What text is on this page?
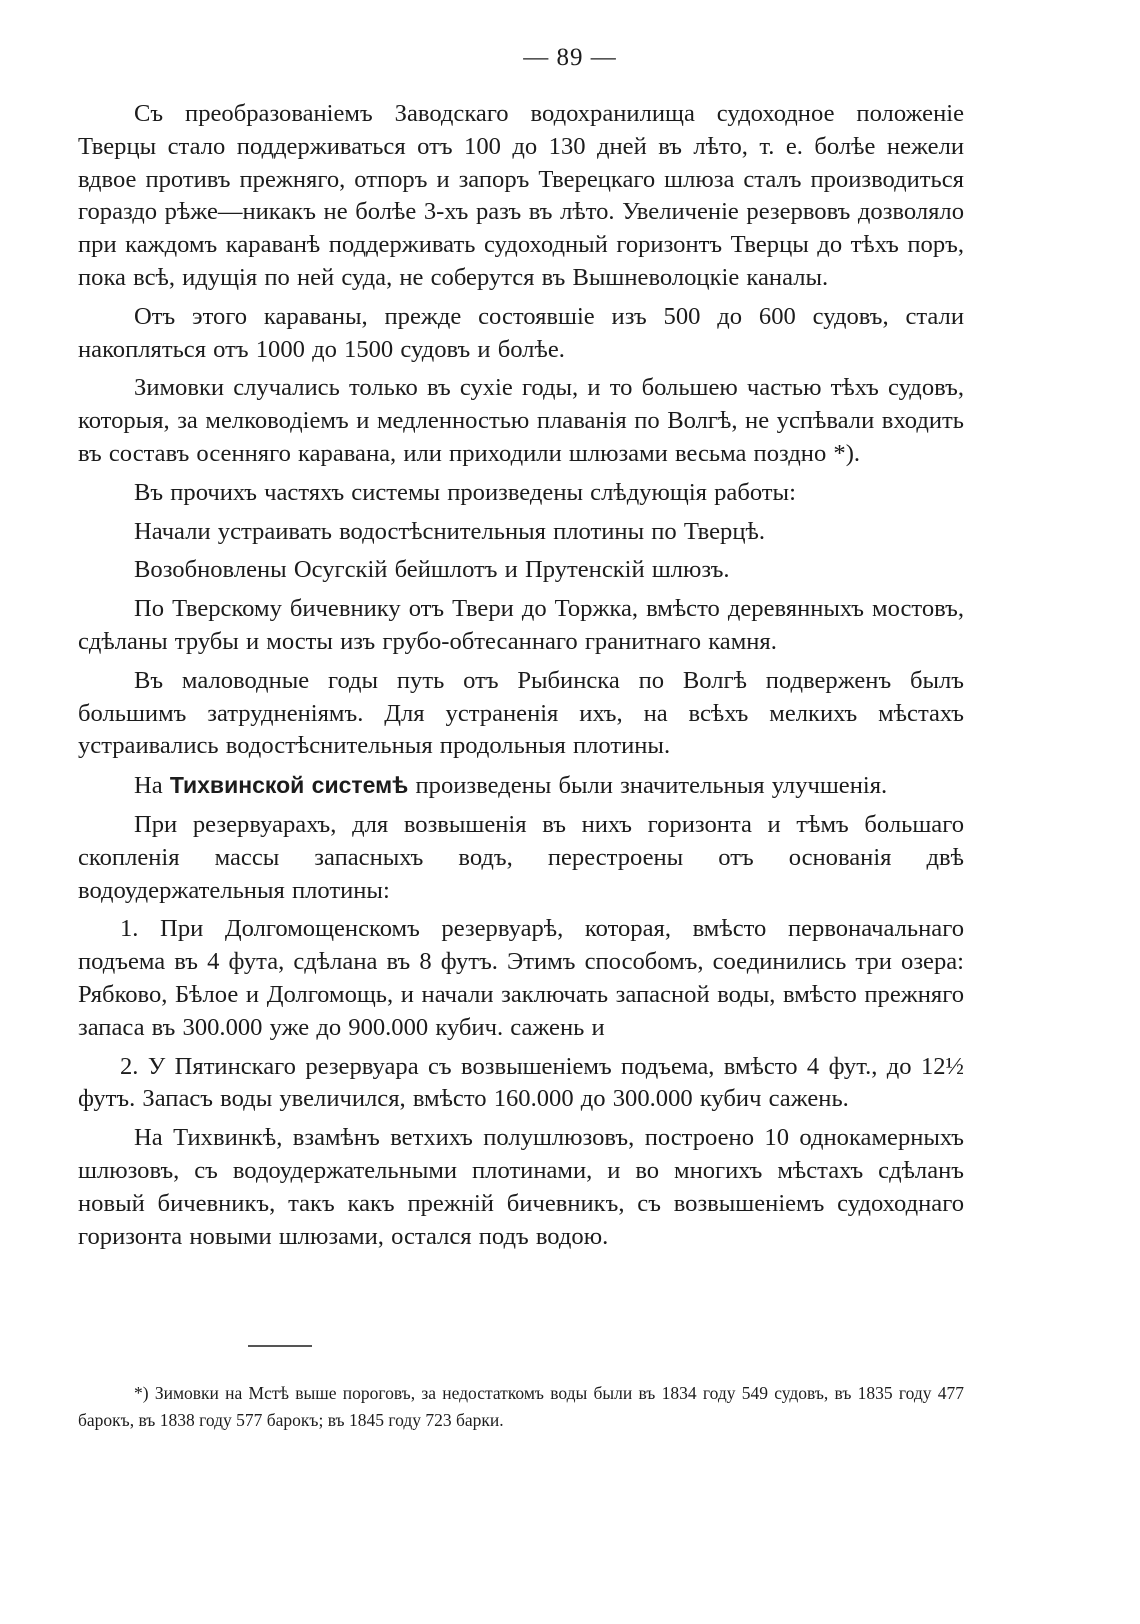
— 89 —

Съ преобразованіемъ Заводскаго водохранилища судоходное положеніе Тверцы стало поддерживаться отъ 100 до 130 дней въ лѣто, т. е. болѣе нежели вдвое противъ прежняго, отпоръ и запоръ Тверецкаго шлюза сталъ производиться гораздо рѣже—никакъ не болѣе 3-хъ разъ въ лѣто. Увеличеніе резервовъ дозволяло при каждомъ караванѣ поддерживать судоходный горизонтъ Тверцы до тѣхъ поръ, пока всѣ, идущія по ней суда, не соберутся въ Вышневолоцкіе каналы.

Отъ этого караваны, прежде состоявшіе изъ 500 до 600 судовъ, стали накопляться отъ 1000 до 1500 судовъ и болѣе.

Зимовки случались только въ сухіе годы, и то большею частью тѣхъ судовъ, которыя, за мелководіемъ и медленностью плаванія по Волгѣ, не успѣвали входить въ составъ осенняго каравана, или приходили шлюзами весьма поздно *).

Въ прочихъ частяхъ системы произведены слѣдующія работы:

Начали устраивать водостѣснительныя плотины по Тверцѣ.

Возобновлены Осугскій бейшлотъ и Прутенскій шлюзъ.

По Тверскому бичевнику отъ Твери до Торжка, вмѣсто деревянныхъ мостовъ, сдѣланы трубы и мосты изъ грубо-обтесаннаго гранитнаго камня.

Въ маловодные годы путь отъ Рыбинска по Волгѣ подверженъ былъ большимъ затрудненіямъ. Для устраненія ихъ, на всѣхъ мелкихъ мѣстахъ устраивались водостѣснительныя продольныя плотины.

На Тихвинской системѣ произведены были значительныя улучшенія.

При резервуарахъ, для возвышенія въ нихъ горизонта и тѣмъ большаго скопленія массы запасныхъ водъ, перестроены отъ основанія двѣ водоудержательныя плотины:

1. При Долгомощенскомъ резервуарѣ, которая, вмѣсто первоначальнаго подъема въ 4 фута, сдѣлана въ 8 футъ. Этимъ способомъ, соединились три озера: Рябково, Бѣлое и Долгомощь, и начали заключать запасной воды, вмѣсто прежняго запаса въ 300.000 уже до 900.000 кубич. сажень и

2. У Пятинскаго резервуара съ возвышеніемъ подъема, вмѣсто 4 фут., до 12½ футъ. Запасъ воды увеличился, вмѣсто 160.000 до 300.000 кубич сажень.

На Тихвинкѣ, взамѣнъ ветхихъ полушлюзовъ, построено 10 однокамерныхъ шлюзовъ, съ водоудержательными плотинами, и во многихъ мѣстахъ сдѣланъ новый бичевникъ, такъ какъ прежній бичевникъ, съ возвышеніемъ судоходнаго горизонта новыми шлюзами, остался подъ водою.

*) Зимовки на Мстѣ выше пороговъ, за недостаткомъ воды были въ 1834 году 549 судовъ, въ 1835 году 477 барокъ, въ 1838 году 577 барокъ; въ 1845 году 723 барки.
